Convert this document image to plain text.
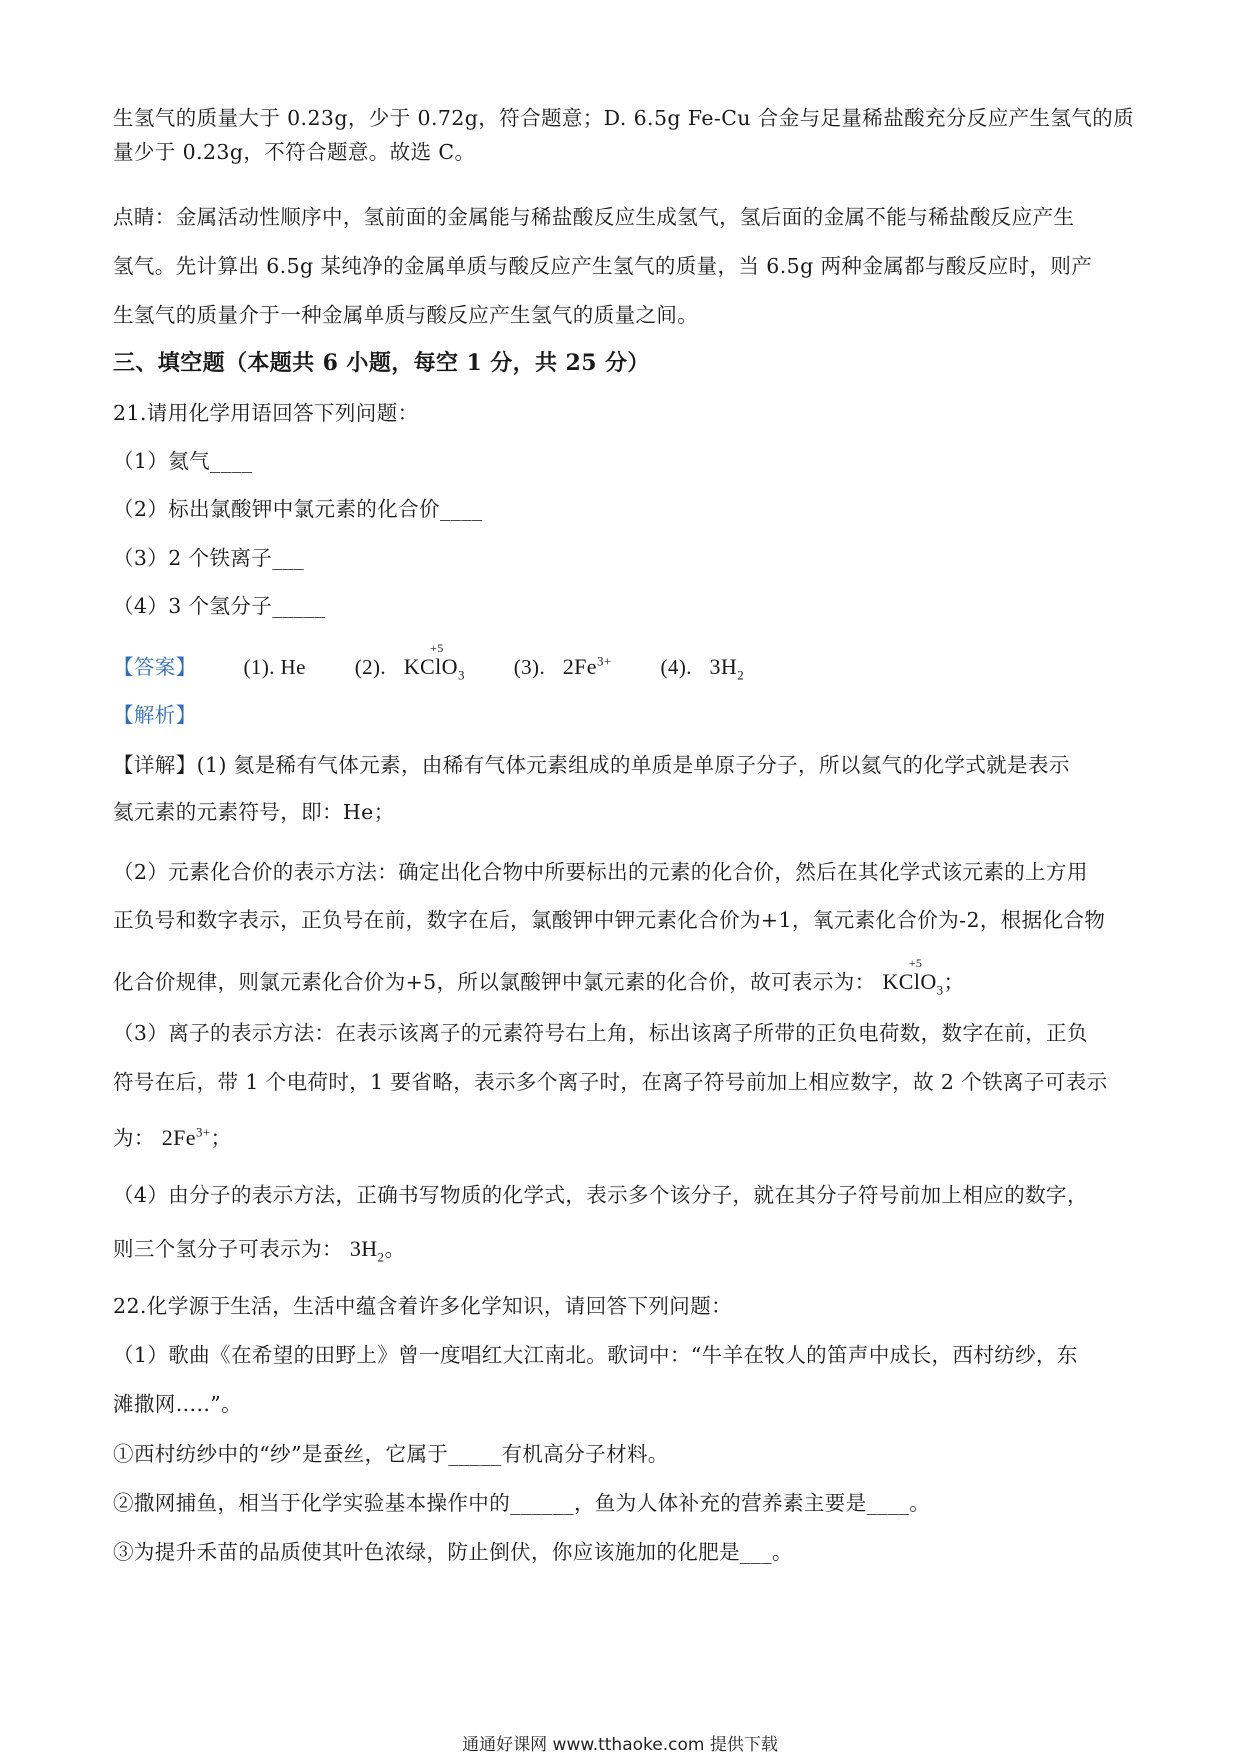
生氢气的质量大于 0.23g，少于 0.72g，符合题意；D. 6.5g Fe-Cu 合金与足量稀盐酸充分反应产生氢气的质
量少于 0.23g，不符合题意。故选 C。
点睛：金属活动性顺序中，氢前面的金属能与稀盐酸反应生成氢气，氢后面的金属不能与稀盐酸反应产生
氢气。先计算出 6.5g 某纯净的金属单质与酸反应产生氢气的质量，当 6.5g 两种金属都与酸反应时，则产
生氢气的质量介于一种金属单质与酸反应产生氢气的质量之间。
三、填空题（本题共 6 小题，每空 1 分，共 25 分）
21.请用化学用语回答下列问题：
（1）氦气____
（2）标出氯酸钾中氯元素的化合价____
（3）2 个铁离子___
（4）3 个氢分子_____
【答案】 (1). He (2). K
+5
ClO$_3$ (3). $2Fe^{3+}$ (4). $3H_2$
【解析】
【详解】(1) 氦是稀有气体元素，由稀有气体元素组成的单质是单原子分子，所以氦气的化学式就是表示
氦元素的元素符号，即：He；
（2）元素化合价的表示方法：确定出化合物中所要标出的元素的化合价，然后在其化学式该元素的上方用
正负号和数字表示，正负号在前，数字在后，氯酸钾中钾元素化合价为+1，氧元素化合价为-2，根据化合物
化合价规律，则氯元素化合价为+5，所以氯酸钾中氯元素的化合价，故可表示为： K
+5
ClO$_3$；
（3）离子的表示方法：在表示该离子的元素符号右上角，标出该离子所带的正负电荷数，数字在前，正负
符号在后，带 1 个电荷时，1 要省略，表示多个离子时，在离子符号前加上相应数字，故 2 个铁离子可表示
为： $2Fe^{3+}$；
（4）由分子的表示方法，正确书写物质的化学式，表示多个该分子，就在其分子符号前加上相应的数字，
则三个氢分子可表示为： $3H_2$。
22.化学源于生活，生活中蕴含着许多化学知识，请回答下列问题：
（1）歌曲《在希望的田野上》曾一度唱红大江南北。歌词中：“牛羊在牧人的笛声中成长，西村纺纱，东
滩撒网.....”。
①西村纺纱中的“纱”是蚕丝，它属于_____有机高分子材料。
②撒网捕鱼，相当于化学实验基本操作中的______，鱼为人体补充的营养素主要是____。
③为提升禾苗的品质使其叶色浓绿，防止倒伏，你应该施加的化肥是___。
通通好课网 www.tthaoke.com 提供下载
